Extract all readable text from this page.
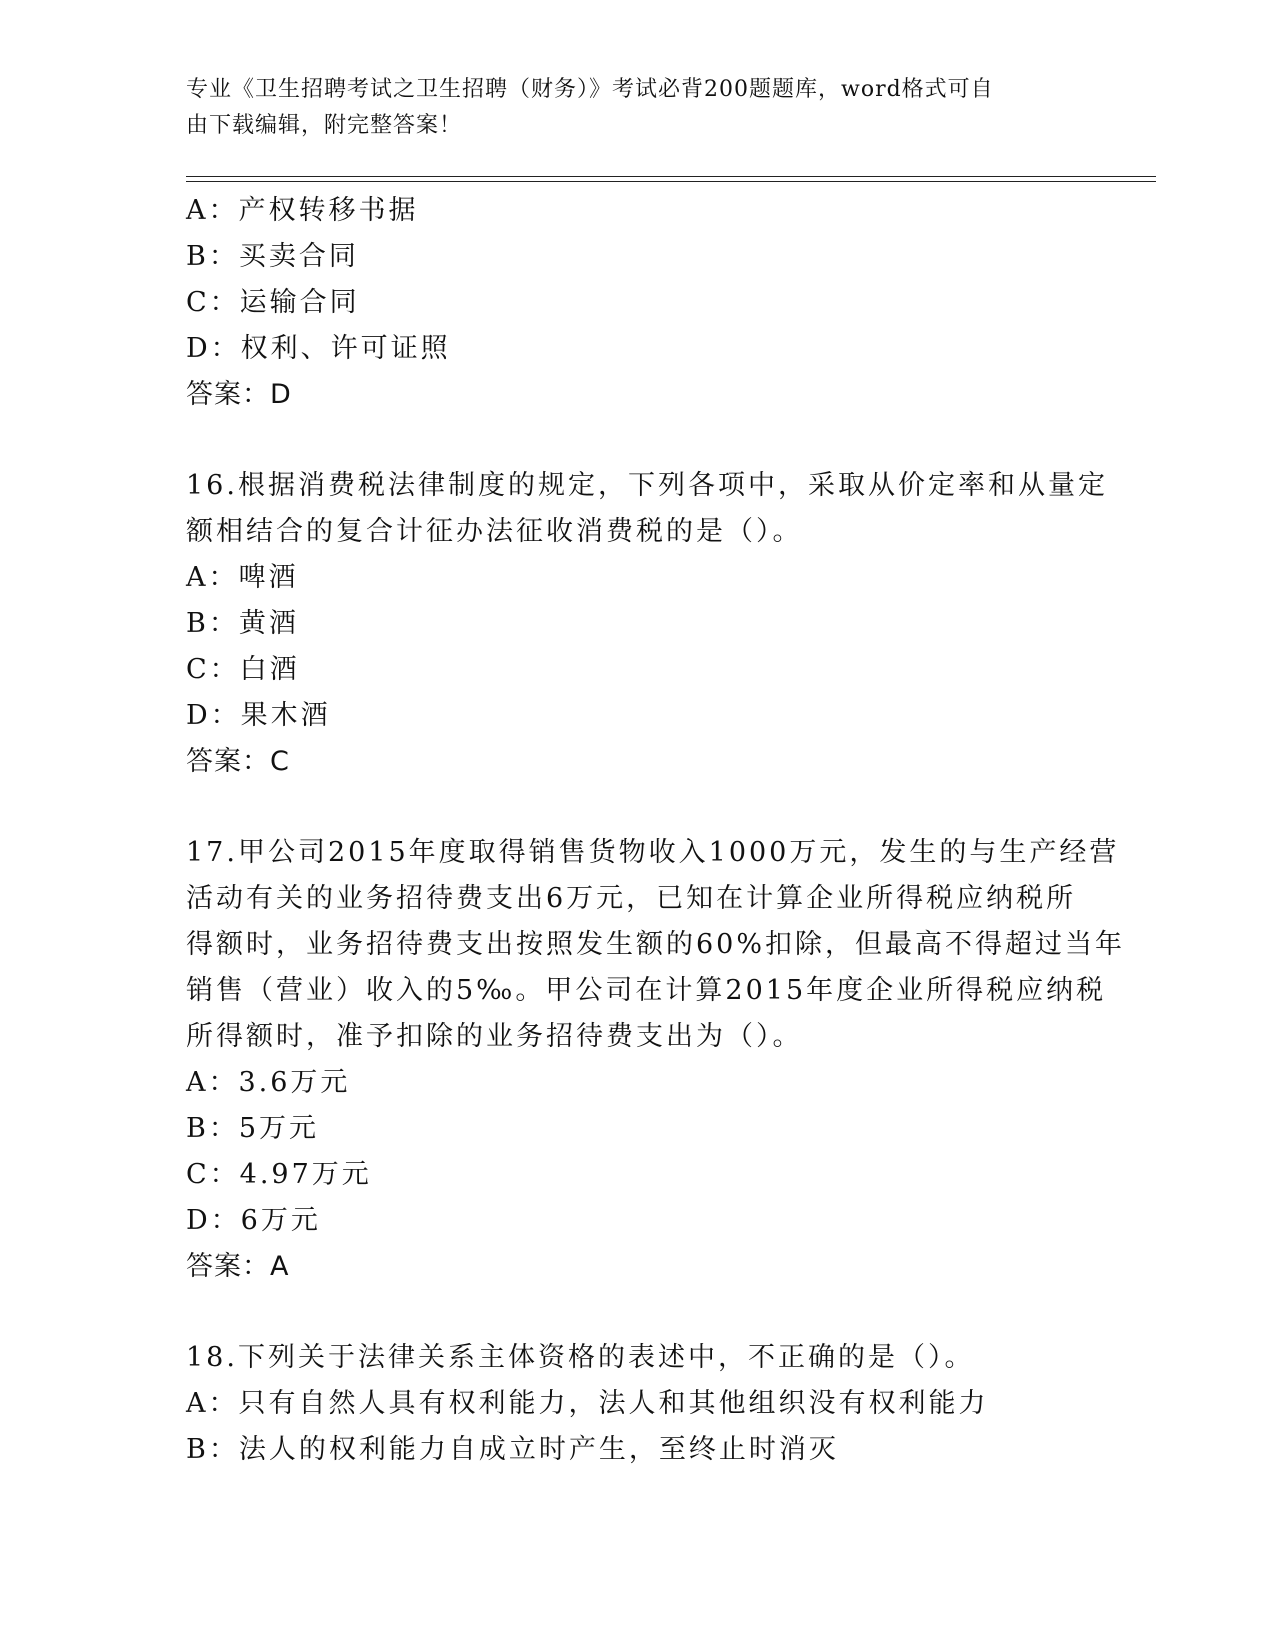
专业《卫生招聘考试之卫生招聘（财务）》考试必背200题题库，word格式可自
由下载编辑，附完整答案！
A：产权转移书据
B：买卖合同
C：运输合同
D：权利、许可证照
答案：D
16.根据消费税法律制度的规定，下列各项中，采取从价定率和从量定
额相结合的复合计征办法征收消费税的是（）。
A：啤酒
B：黄酒
C：白酒
D：果木酒
答案：C
17.甲公司2015年度取得销售货物收入1000万元，发生的与生产经营
活动有关的业务招待费支出6万元，已知在计算企业所得税应纳税所
得额时，业务招待费支出按照发生额的60%扣除，但最高不得超过当年
销售（营业）收入的5‰。甲公司在计算2015年度企业所得税应纳税
所得额时，准予扣除的业务招待费支出为（）。
A：3.6万元
B：5万元
C：4.97万元
D：6万元
答案：A
18.下列关于法律关系主体资格的表述中，不正确的是（）。
A：只有自然人具有权利能力，法人和其他组织没有权利能力
B：法人的权利能力自成立时产生，至终止时消灭
